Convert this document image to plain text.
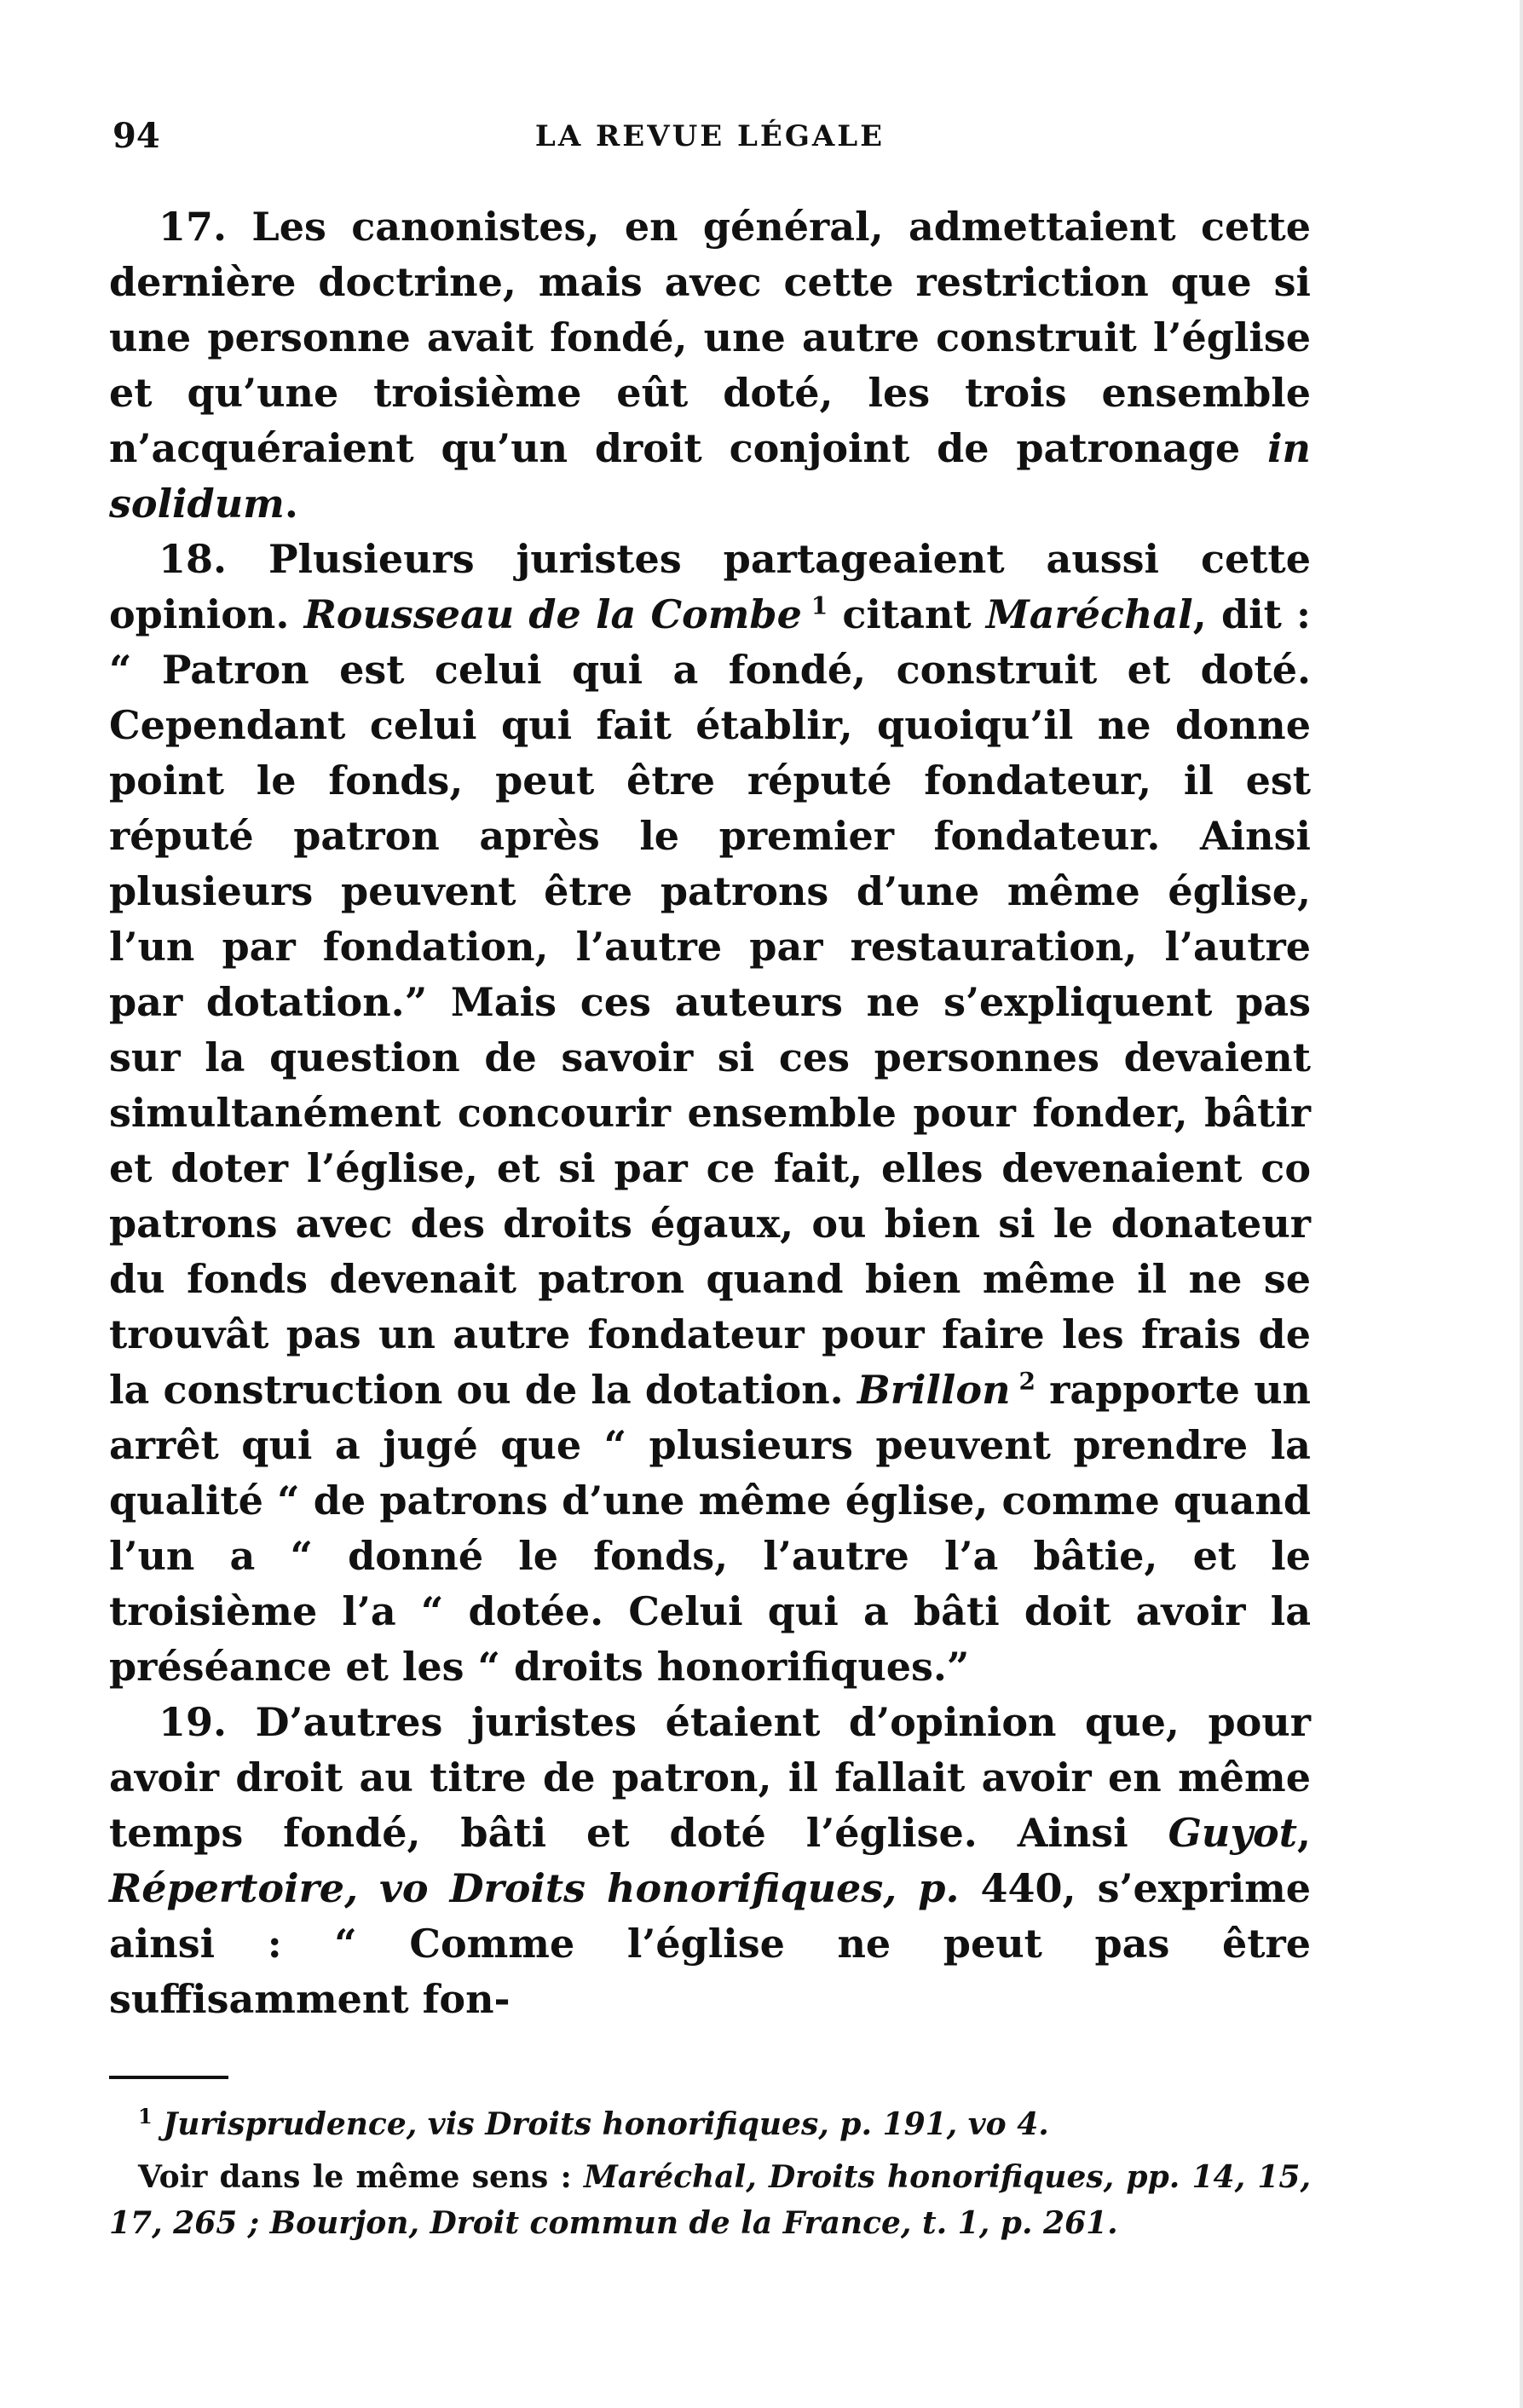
94	LA REVUE LÉGALE

17. Les canonistes, en général, admettaient cette dernière doctrine, mais avec cette restriction que si une personne avait fondé, une autre construit l’église et qu’une troisième eût doté, les trois ensemble n’acquéraient qu’un droit conjoint de patronage in solidum.

18. Plusieurs juristes partageaient aussi cette opinion. Rousseau de la Combe $^1$ citant Maréchal, dit : “ Patron est celui qui a fondé, construit et doté. Cependant celui qui fait établir, quoiqu’il ne donne point le fonds, peut être réputé fondateur, il est réputé patron après le premier fondateur. Ainsi plusieurs peuvent être patrons d’une même église, l’un par fondation, l’autre par restauration, l’autre par dotation.” Mais ces auteurs ne s’expliquent pas sur la question de savoir si ces personnes devaient simultanément concourir ensemble pour fonder, bâtir et doter l’église, et si par ce fait, elles devenaient co patrons avec des droits égaux, ou bien si le donateur du fonds devenait patron quand bien même il ne se trouvât pas un autre fondateur pour faire les frais de la construction ou de la dotation. Brillon $^2$ rapporte un arrêt qui a jugé que “ plusieurs peuvent prendre la qualité “ de patrons d’une même église, comme quand l’un a “ donné le fonds, l’autre l’a bâtie, et le troisième l’a “ dotée. Celui qui a bâti doit avoir la préséance et les “ droits honorifiques.”

19. D’autres juristes étaient d’opinion que, pour avoir droit au titre de patron, il fallait avoir en même temps fondé, bâti et doté l’église. Ainsi Guyot, Répertoire, vo Droits honorifiques, p. 440, s’exprime ainsi : “ Comme l’église ne peut pas être suffisamment fon-

$^1$ Jurisprudence, vis Droits honorifiques, p. 191, vo 4.

Voir dans le même sens : Maréchal, Droits honorifiques, pp. 14, 15, 17, 265 ; Bourjon, Droit commun de la France, t. 1, p. 261.
